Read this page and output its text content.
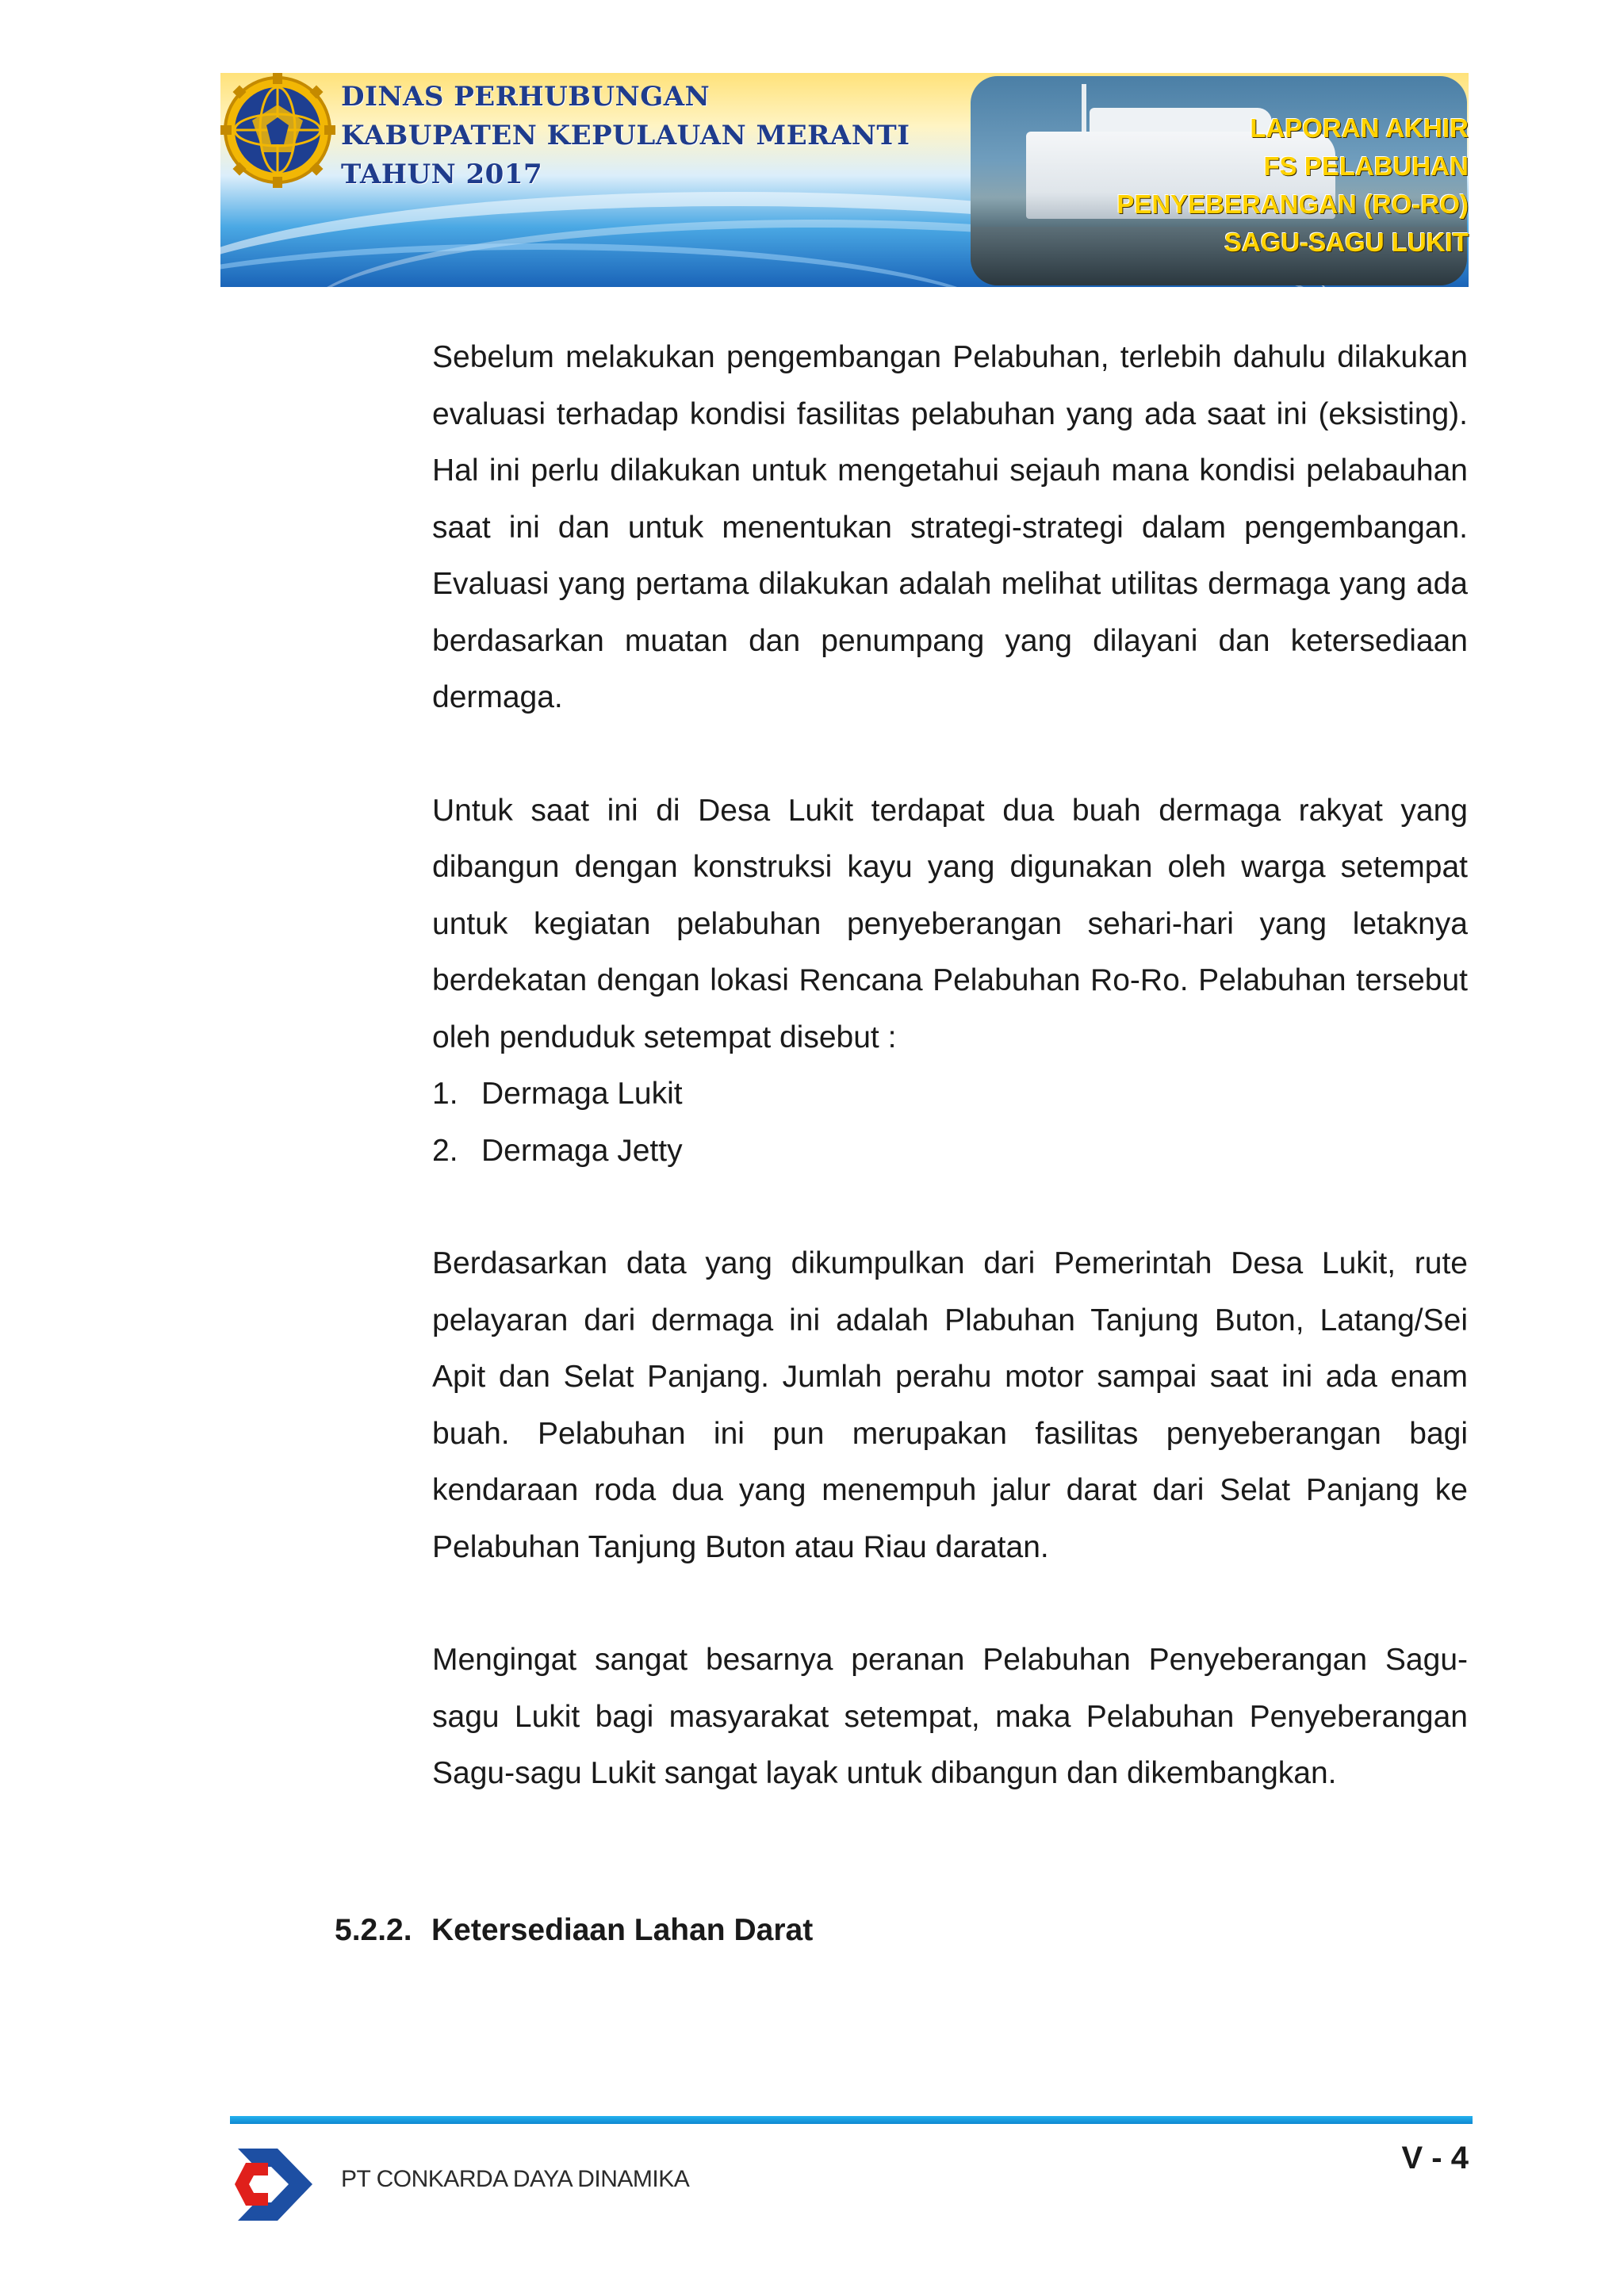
DINAS PERHUBUNGAN
KABUPATEN KEPULAUAN MERANTI
TAHUN 2017
LAPORAN AKHIR
FS PELABUHAN
PENYEBERANGAN (RO-RO)
SAGU-SAGU LUKIT

Sebelum melakukan pengembangan Pelabuhan, terlebih dahulu dilakukan evaluasi terhadap kondisi fasilitas pelabuhan yang ada saat ini (eksisting). Hal ini perlu dilakukan untuk mengetahui sejauh mana kondisi pelabauhan saat ini dan untuk menentukan strategi-strategi dalam pengembangan. Evaluasi yang pertama dilakukan adalah melihat utilitas dermaga yang ada berdasarkan muatan dan penumpang yang dilayani dan ketersediaan dermaga.

Untuk saat ini di Desa Lukit terdapat dua buah dermaga rakyat yang dibangun dengan konstruksi kayu yang digunakan oleh warga setempat untuk kegiatan pelabuhan penyeberangan sehari-hari yang letaknya berdekatan dengan lokasi Rencana Pelabuhan Ro-Ro. Pelabuhan tersebut oleh penduduk setempat disebut :

1. Dermaga Lukit
2. Dermaga Jetty

Berdasarkan data yang dikumpulkan dari Pemerintah Desa Lukit, rute pelayaran dari dermaga ini adalah Plabuhan Tanjung Buton, Latang/Sei Apit dan Selat Panjang. Jumlah perahu motor sampai saat ini ada enam buah. Pelabuhan ini pun merupakan fasilitas penyeberangan bagi kendaraan roda dua yang menempuh jalur darat dari Selat Panjang ke Pelabuhan Tanjung Buton atau Riau daratan.

Mengingat sangat besarnya peranan Pelabuhan Penyeberangan Sagu-sagu Lukit bagi masyarakat setempat, maka Pelabuhan Penyeberangan Sagu-sagu Lukit sangat layak untuk dibangun dan dikembangkan.

5.2.2. Ketersediaan Lahan Darat
PT CONKARDA DAYA DINAMIKA
V - 4
